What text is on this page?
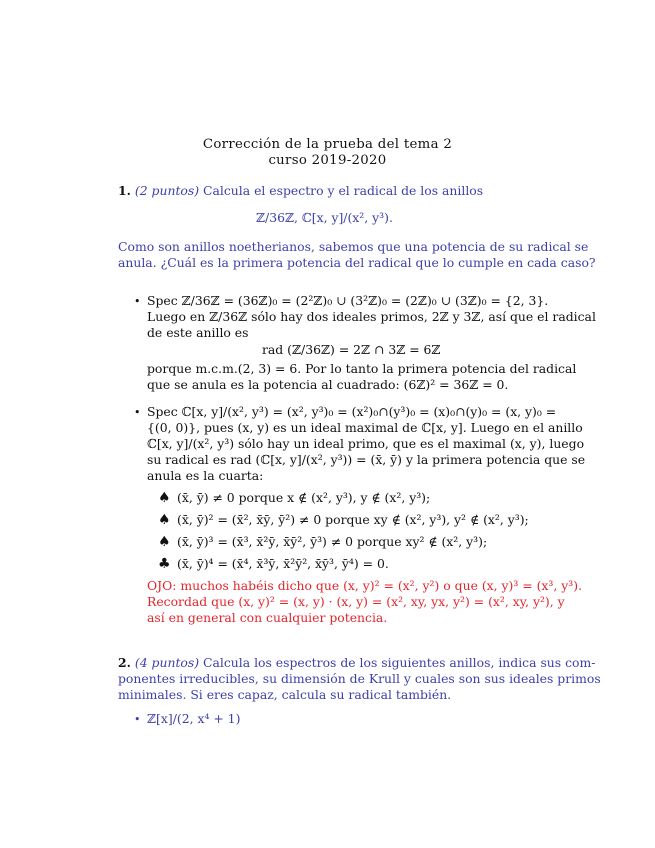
Corrección de la prueba del tema 2
curso 2019-2020
1. (2 puntos) Calcula el espectro y el radical de los anillos
ℤ/36ℤ, ℂ[x, y]/(x², y³).
Como son anillos noetherianos, sabemos que una potencia de su radical se
anula. ¿Cuál es la primera potencia del radical que lo cumple en cada caso?
• Spec ℤ/36ℤ = (36ℤ)₀ = (2²ℤ)₀ ∪ (3²ℤ)₀ = (2ℤ)₀ ∪ (3ℤ)₀ = {2, 3}.
Luego en ℤ/36ℤ sólo hay dos ideales primos, 2ℤ y 3ℤ, así que el radical
de este anillo es
rad (ℤ/36ℤ) = 2ℤ ∩ 3ℤ = 6ℤ
porque m.c.m.(2, 3) = 6. Por lo tanto la primera potencia del radical
que se anula es la potencia al cuadrado: (6ℤ)² = 36ℤ = 0.
• Spec ℂ[x, y]/(x², y³) = (x², y³)₀ = (x²)₀∩(y³)₀ = (x)₀∩(y)₀ = (x, y)₀ =
{(0, 0)}, pues (x, y) es un ideal maximal de ℂ[x, y]. Luego en el anillo
ℂ[x, y]/(x², y³) sólo hay un ideal primo, que es el maximal (x, y), luego
su radical es rad (ℂ[x, y]/(x², y³)) = (x̄, ȳ) y la primera potencia que se
anula es la cuarta:
♠ (x̄, ȳ) ≠ 0 porque x ∉ (x², y³), y ∉ (x², y³);
♠ (x̄, ȳ)² = (x̄², x̄ȳ, ȳ²) ≠ 0 porque xy ∉ (x², y³), y² ∉ (x², y³);
♠ (x̄, ȳ)³ = (x̄³, x̄²ȳ, x̄ȳ², ȳ³) ≠ 0 porque xy² ∉ (x², y³);
♣ (x̄, ȳ)⁴ = (x̄⁴, x̄³ȳ, x̄²ȳ², x̄ȳ³, ȳ⁴) = 0.
OJO: muchos habéis dicho que (x, y)² = (x², y²) o que (x, y)³ = (x³, y³).
Recordad que (x, y)² = (x, y) · (x, y) = (x², xy, yx, y²) = (x², xy, y²), y
así en general con cualquier potencia.
2. (4 puntos) Calcula los espectros de los siguientes anillos, indica sus com-
ponentes irreducibles, su dimensión de Krull y cuales son sus ideales primos
minimales. Si eres capaz, calcula su radical también.
• ℤ[x]/(2, x⁴ + 1)
